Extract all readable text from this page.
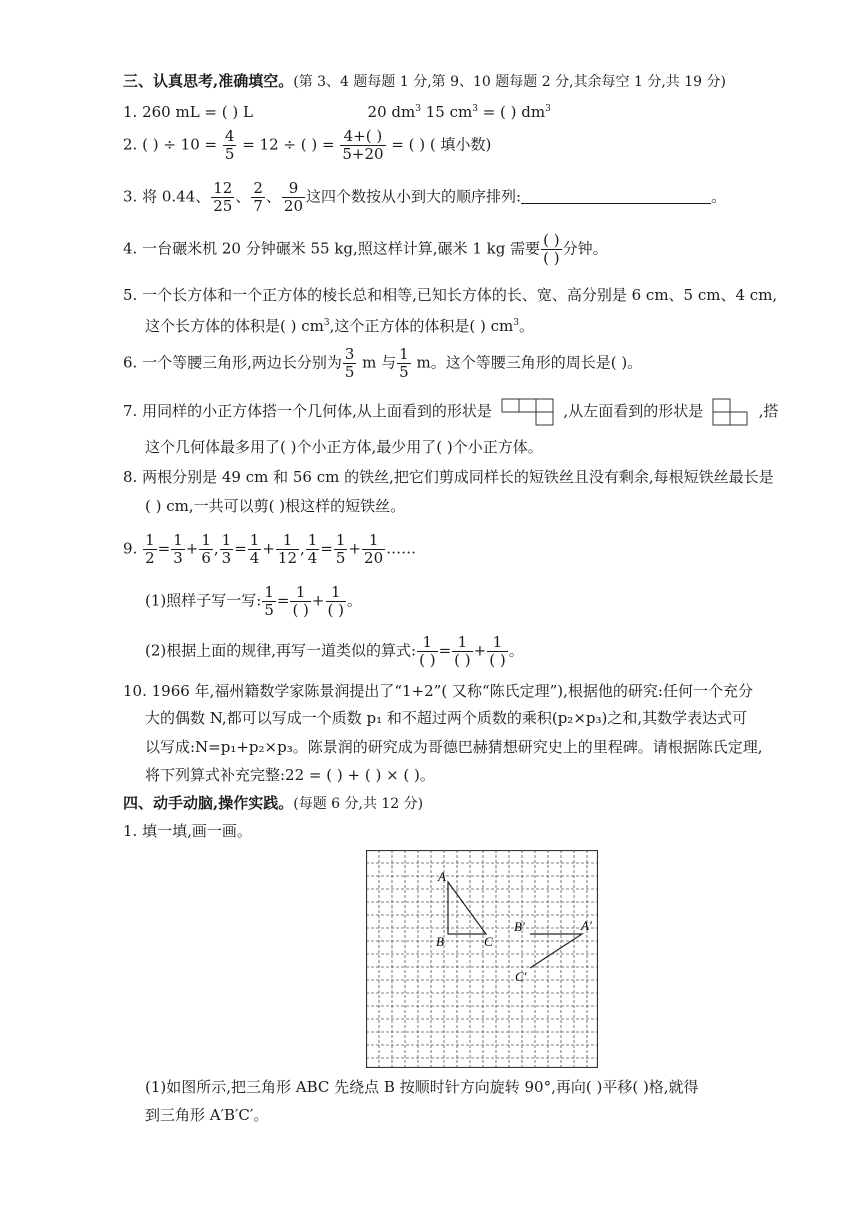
三、认真思考,准确填空。(第 3、4 题每题 1 分,第 9、10 题每题 2 分,其余每空 1 分,共 19 分)
1. 260 mL = ( ) L	20 $dm^3$ 15 $cm^3$ = ( ) $dm^3$
2. ( ) ÷ $10 = \frac{4}{5} = 12$ ÷ ( ) = $\frac{4+( )}{5+20}$ = ( ) ( 填小数)
3. 将 0.44、 $\frac{12}{25}$ 、 $\frac{2}{7}$ 、 $\frac{9}{20}$ 这四个数按从小到大的顺序排列:	。
4. 一台碾米机 20 分钟碾米 55 kg,照这样计算,碾米 1 kg 需要 $\frac{( )}{( )}$ 分钟。
5. 一个长方体和一个正方体的棱长总和相等,已知长方体的长、宽、高分别是 6 cm、5 cm、4 cm,
这个长方体的体积是( ) $cm^3$,这个正方体的体积是( ) $cm^3$。
6. 一个等腰三角形,两边长分别为 $\frac{3}{5}$ m 与 $\frac{1}{5}$ m。这个等腰三角形的周长是( )。
7. 用同样的小正方体搭一个几何体,从上面看到的形状是	,从左面看到的形状是	,搭
这个几何体最多用了( )个小正方体,最少用了( )个小正方体。
8. 两根分别是 49 cm 和 56 cm 的铁丝,把它们剪成同样长的短铁丝且没有剩余,每根短铁丝最长是
( ) cm,一共可以剪( )根这样的短铁丝。
9. $\frac{1}{2} = \frac{1}{3} + \frac{1}{6}$ , $\frac{1}{3} = \frac{1}{4} + \frac{1}{12}$ , $\frac{1}{4} = \frac{1}{5} + \frac{1}{20}$ ……
(1)照样子写一写: $\frac{1}{5} = \frac{1}{( )} + \frac{1}{( )}$ 。
(2)根据上面的规律,再写一道类似的算式: $\frac{1}{( )} = \frac{1}{( )} + \frac{1}{( )}$ 。
10. 1966 年,福州籍数学家陈景润提出了“1+2”( 又称“陈氏定理”),根据他的研究:任何一个充分
大的偶数 N,都可以写成一个质数 p₁ 和不超过两个质数的乘积(p₂×p₃)之和,其数学表达式可
以写成:N=p₁+p₂×p₃。陈景润的研究成为哥德巴赫猜想研究史上的里程碑。请根据陈氏定理,
将下列算式补充完整:22 = ( ) + ( ) × ( )。
四、动手动脑,操作实践。(每题 6 分,共 12 分)
1. 填一填,画一画。
A
B	C
B′	A′
C′
(1)如图所示,把三角形 ABC 先绕点 B 按顺时针方向旋转 90°,再向( )平移( )格,就得
到三角形 A′B′C′。
